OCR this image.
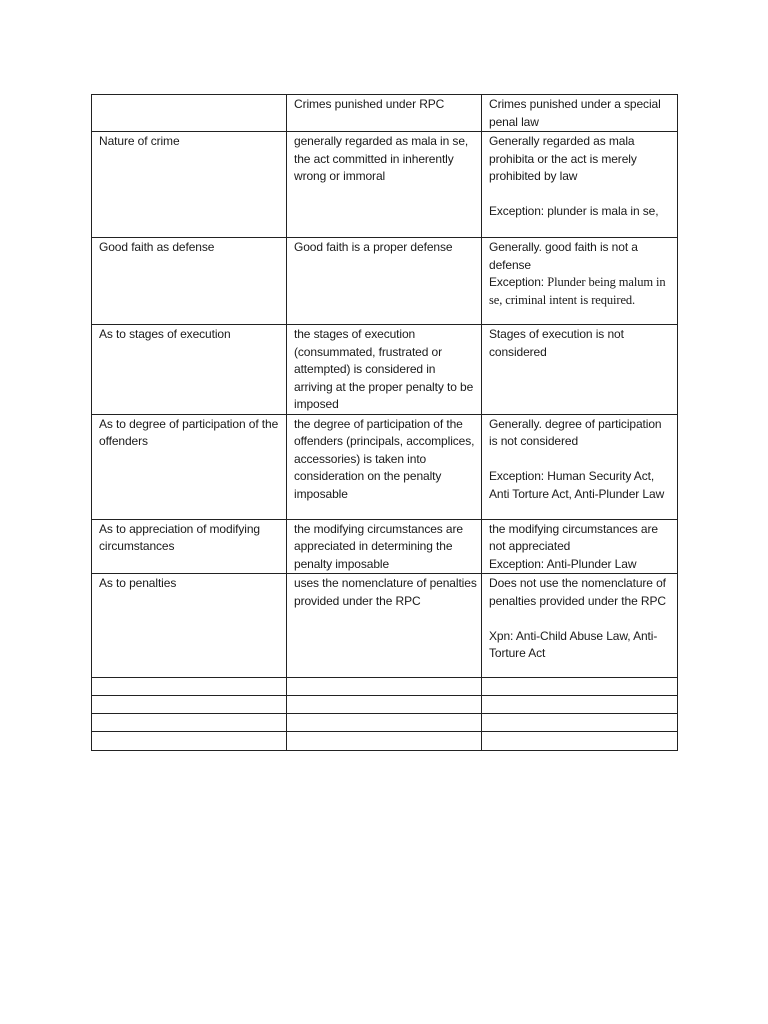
	Crimes punished under RPC	Crimes punished under a special penal law
Nature of crime	generally regarded as mala in se, the act committed in inherently wrong or immoral	Generally regarded as mala prohibita or the act is merely prohibited by law
Exception: plunder is mala in se,

Good faith as defense	Good faith is a proper defense	Generally. good faith is not a defense
Exception: Plunder being malum in se, criminal intent is required.
As to stages of execution	the stages of execution (consummated, frustrated or attempted) is considered in arriving at the proper penalty to be imposed	Stages of execution is not considered
As to degree of participation of the offenders	the degree of participation of the offenders (principals, accomplices, accessories) is taken into consideration on the penalty imposable	Generally. degree of participation is not considered
Exception: Human Security Act, Anti Torture Act, Anti-Plunder Law

As to appreciation of modifying circumstances	the modifying circumstances are appreciated in determining the penalty imposable	the modifying circumstances are not appreciated
Exception: Anti-Plunder Law

As to penalties	uses the nomenclature of penalties provided under the RPC	Does not use the nomenclature of penalties provided under the RPC
Xpn: Anti-Child Abuse Law, Anti-Torture Act
